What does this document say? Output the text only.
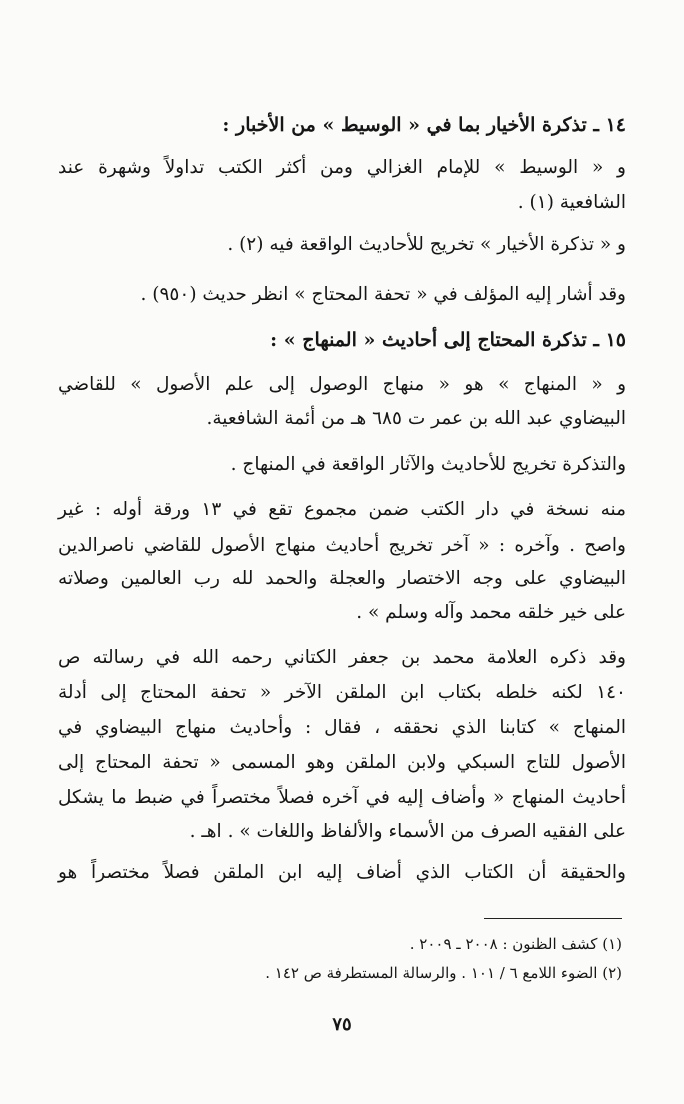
١٤ ـ تذكرة الأخيار بما في « الوسيط » من الأخبار :
و « الوسيط » للإمام الغزالي ومن أكثر الكتب تداولاً وشهرة عند
الشافعية (١) .
و « تذكرة الأخيار » تخريج للأحاديث الواقعة فيه (٢) .
وقد أشار إليه المؤلف في « تحفة المحتاج » انظر حديث (٩٥٠) .
١٥ ـ تذكرة المحتاج إلى أحاديث « المنهاج » :
و « المنهاج » هو « منهاج الوصول إلى علم الأصول » للقاضي
البيضاوي عبد الله بن عمر ت ٦٨٥ هـ من أئمة الشافعية.
والتذكرة تخريج للأحاديث والآثار الواقعة في المنهاج .
منه نسخة في دار الكتب ضمن مجموع تقع في ١٣ ورقة أوله : غير
واصح . وآخره : « آخر تخريج أحاديث منهاج الأصول للقاضي ناصرالدين
البيضاوي على وجه الاختصار والعجلة والحمد لله رب العالمين وصلاته
على خير خلقه محمد وآله وسلم » .
وقد ذكره العلامة محمد بن جعفر الكتاني رحمه الله في رسالته ص
١٤٠ لكنه خلطه بكتاب ابن الملقن الآخر « تحفة المحتاج إلى أدلة
المنهاج » كتابنا الذي نحققه ، فقال : وأحاديث منهاج البيضاوي في
الأصول للتاج السبكي ولابن الملقن وهو المسمى « تحفة المحتاج إلى
أحاديث المنهاج « وأضاف إليه في آخره فصلاً مختصراً في ضبط ما يشكل
على الفقيه الصرف من الأسماء والألفاظ واللغات » . اهـ .
والحقيقة أن الكتاب الذي أضاف إليه ابن الملقن فصلاً مختصراً هو
(١) كشف الظنون : ٢٠٠٨ ـ ٢٠٠٩ .
(٢) الضوء اللامع ٦ / ١٠١ . والرسالة المستطرفة ص ١٤٢ .
٧٥
